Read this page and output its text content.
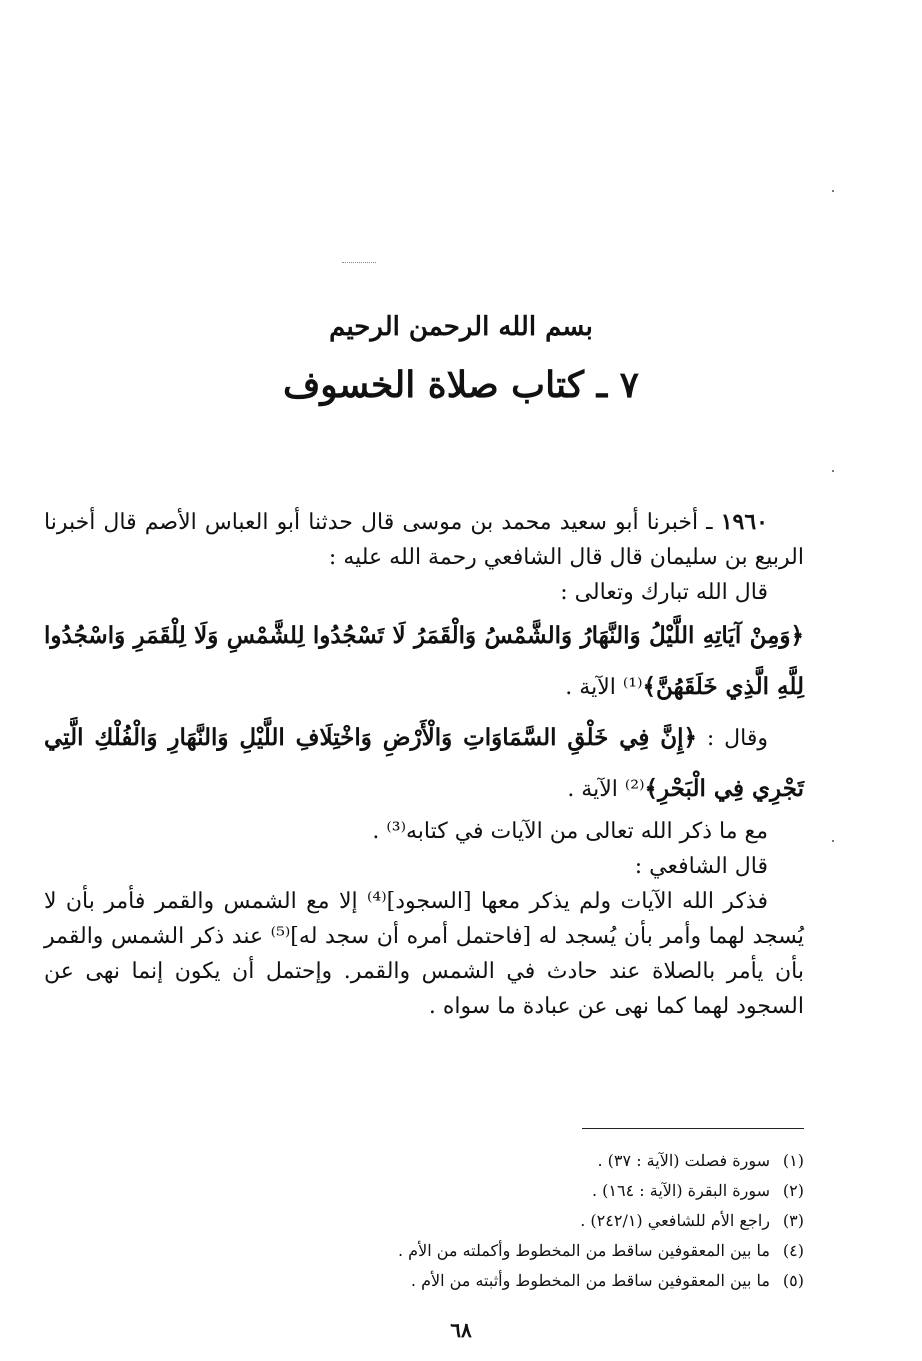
بسم الله الرحمن الرحيم
٧ ـ كتاب صلاة الخسوف

١٩٦٠ ـ أخبرنا أبو سعيد محمد بن موسى قال حدثنا أبو العباس الأصم قال أخبرنا الربيع بن سليمان قال قال الشافعي رحمة الله عليه :

قال الله تبارك وتعالى :

﴿وَمِنْ آيَاتِهِ اللَّيْلُ وَالنَّهَارُ وَالشَّمْسُ وَالْقَمَرُ لَا تَسْجُدُوا لِلشَّمْسِ وَلَا لِلْقَمَرِ وَاسْجُدُوا لِلَّهِ الَّذِي خَلَقَهُنَّ﴾⁽¹⁾ الآية .

وقال : ﴿إِنَّ فِي خَلْقِ السَّمَاوَاتِ وَالْأَرْضِ وَاخْتِلَافِ اللَّيْلِ وَالنَّهَارِ وَالْفُلْكِ الَّتِي تَجْرِي فِي الْبَحْرِ﴾⁽²⁾ الآية .

مع ما ذكر الله تعالى من الآيات في كتابه⁽³⁾ .

قال الشافعي :

فذكر الله الآيات ولم يذكر معها [السجود]⁽⁴⁾ إلا مع الشمس والقمر فأمر بأن لا يُسجد لهما وأمر بأن يُسجد له [فاحتمل أمره أن سجد له]⁽⁵⁾ عند ذكر الشمس والقمر بأن يأمر بالصلاة عند حادث في الشمس والقمر. وإحتمل أن يكون إنما نهى عن السجود لهما كما نهى عن عبادة ما سواه .

(١)سورة فصلت (الآية : ٣٧) .
(٢)سورة البقرة (الآية : ١٦٤) .
(٣)راجع الأم للشافعي (٢٤٢/١) .
(٤)ما بين المعقوفين ساقط من المخطوط وأكملته من الأم .
(٥)ما بين المعقوفين ساقط من المخطوط وأثبته من الأم .
٦٨
